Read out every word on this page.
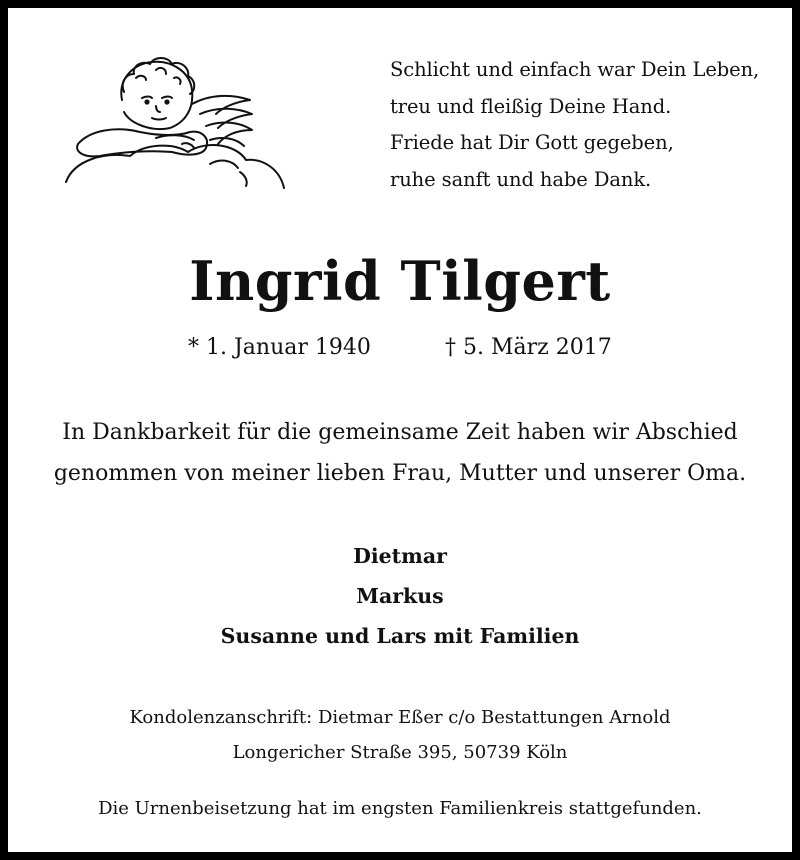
Schlicht und einfach war Dein Leben,
treu und fleißig Deine Hand.
Friede hat Dir Gott gegeben,
ruhe sanft und habe Dank.
Ingrid Tilgert
* 1. Januar 1940	† 5. März 2017
In Dankbarkeit für die gemeinsame Zeit haben wir Abschied
genommen von meiner lieben Frau, Mutter und unserer Oma.
Dietmar
Markus
Susanne und Lars mit Familien
Kondolenzanschrift: Dietmar Eßer c/o Bestattungen Arnold
Longericher Straße 395, 50739 Köln
Die Urnenbeisetzung hat im engsten Familienkreis stattgefunden.
